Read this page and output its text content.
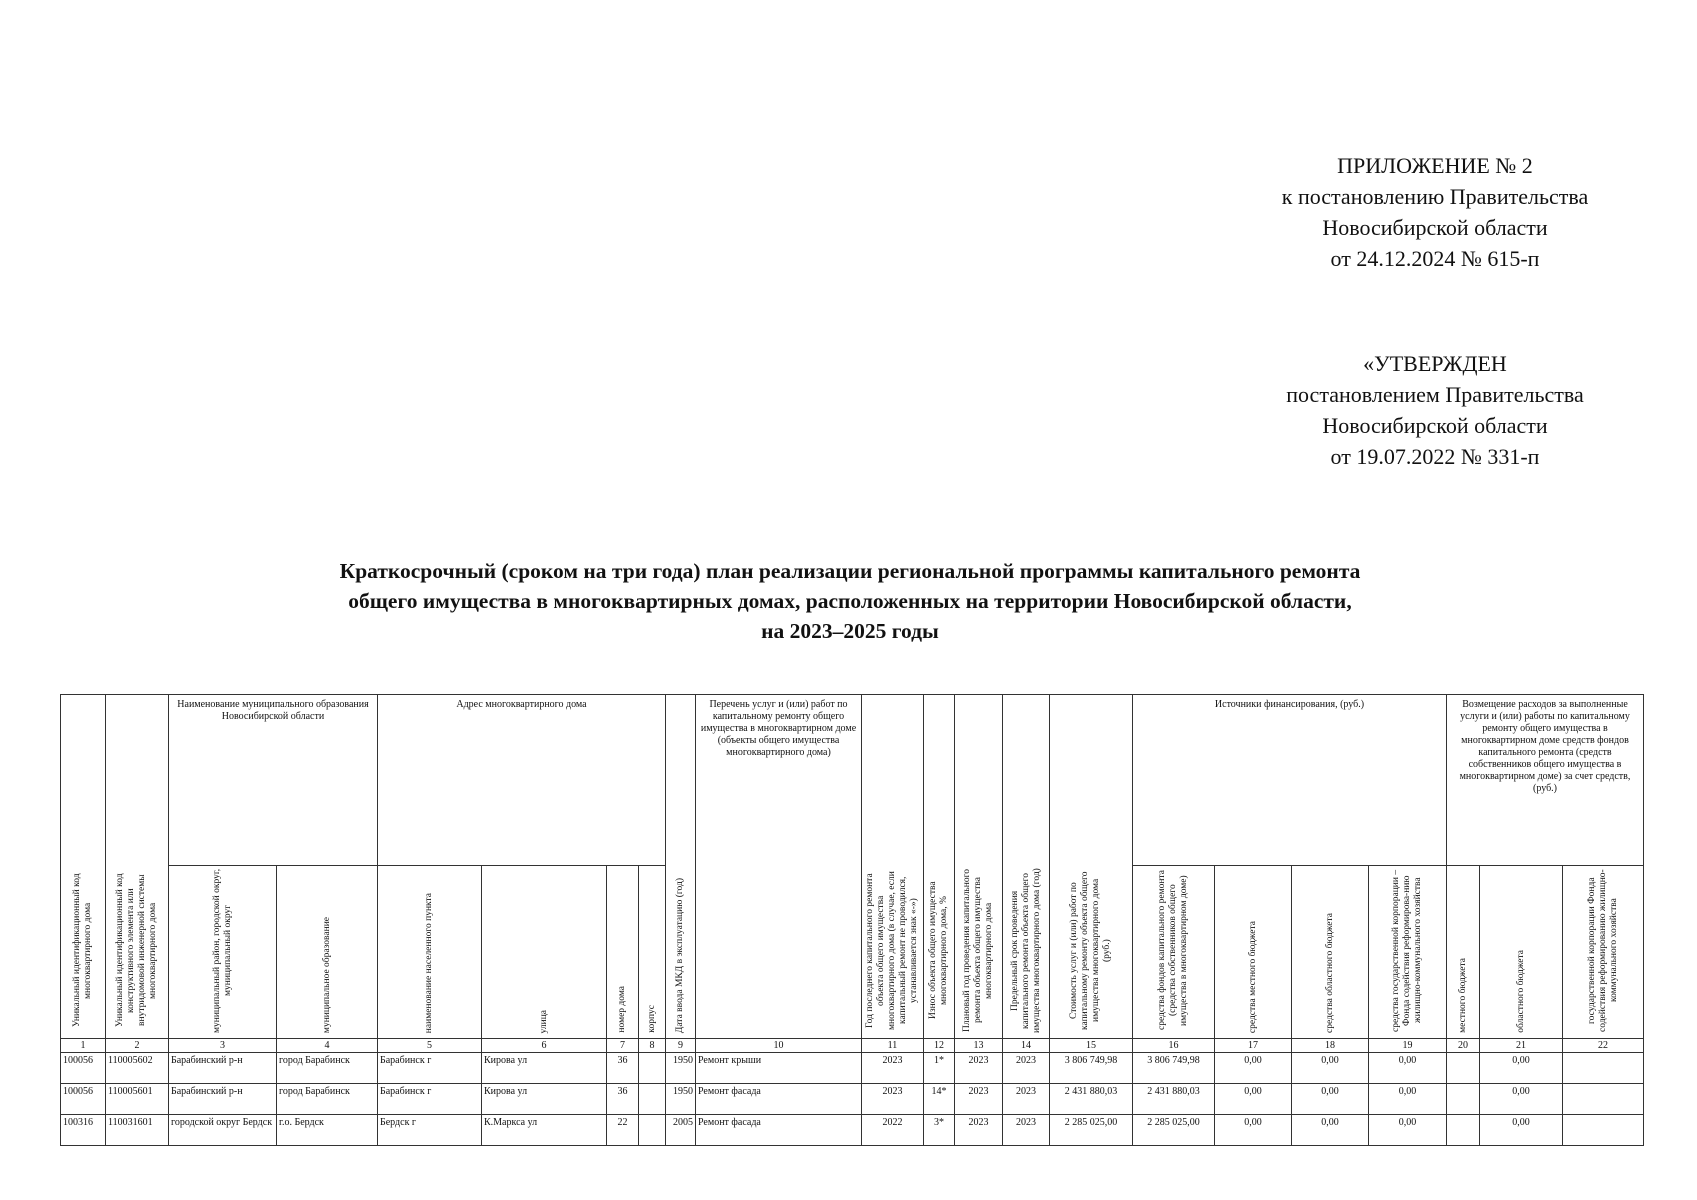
ПРИЛОЖЕНИЕ № 2
к постановлению Правительства
Новосибирской области
от 24.12.2024 № 615-п
«УТВЕРЖДЕН
постановлением Правительства
Новосибирской области
от 19.07.2022 № 331-п
Краткосрочный (сроком на три года) план реализации региональной программы капитального ремонта
общего имущества в многоквартирных домах, расположенных на территории Новосибирской области,
на 2023–2025 годы
Уникальный идентификационный код многоквартирного дома	Уникальный идентификационный код конструктивного элемента или внутридомовой инженерной системы многоквартирного дома	Наименование муниципального образования Новосибирской области		Адрес многоквартирного дома				Дата ввода МКД в эксплуатацию (год)	Перечень услуг и (или) работ по капитальному ремонту общего имущества в многоквартирном доме (объекты общего имущества многоквартирного дома)	Год последнего капитального ремонта объекта общего имущества многоквартирного дома (в случае, если капитальный ремонт не проводился, устанавливается знак «-»)	Износ объекта общего имущества многоквартирного дома, %	Плановый год проведения капитального ремонта объекта общего имущества многоквартирного дома	Предельный срок проведения капитального ремонта объекта общего имущества многоквартирного дома (год)	Стоимость услуг и (или) работ по капитальному ремонту объекта общего имущества многоквартирного дома (руб.)	Источники финансирования, (руб.)				Возмещение расходов за выполненные услуги и (или) работы по капитальному ремонту общего имущества в многоквартирном доме средств фондов капитального ремонта (средств собственников общего имущества в многоквартирном доме) за счет средств, (руб.)		
		муниципальный район, городской округ, муниципальный округ	муниципальное образование	наименование населенного пункта	улица	номер дома	корпус								средства фондов капитального ремонта (средства собственников общего имущества в многоквартирном доме)	средства местного бюджета	средства областного бюджета	средства государственной корпорации – Фонда содействия реформирова-нию жилищно-коммунального хозяйства	местного бюджета	областного бюджета	государственной корпорации Фонда содействия реформированию жилищно-коммунального хозяйства
1	2	3	4	5	6	7	8	9	10	11	12	13	14	15	16	17	18	19	20	21	22
100056	110005602	Барабинский р-н	город Барабинск	Барабинск г	Кирова ул	36		1950	Ремонт крыши	2023	1*	2023	2023	3 806 749,98	3 806 749,98	0,00	0,00	0,00		0,00	
100056	110005601	Барабинский р-н	город Барабинск	Барабинск г	Кирова ул	36		1950	Ремонт фасада	2023	14*	2023	2023	2 431 880,03	2 431 880,03	0,00	0,00	0,00		0,00	
100316	110031601	городской округ Бердск	г.о. Бердск	Бердск г	К.Маркса ул	22		2005	Ремонт фасада	2022	3*	2023	2023	2 285 025,00	2 285 025,00	0,00	0,00	0,00		0,00	
